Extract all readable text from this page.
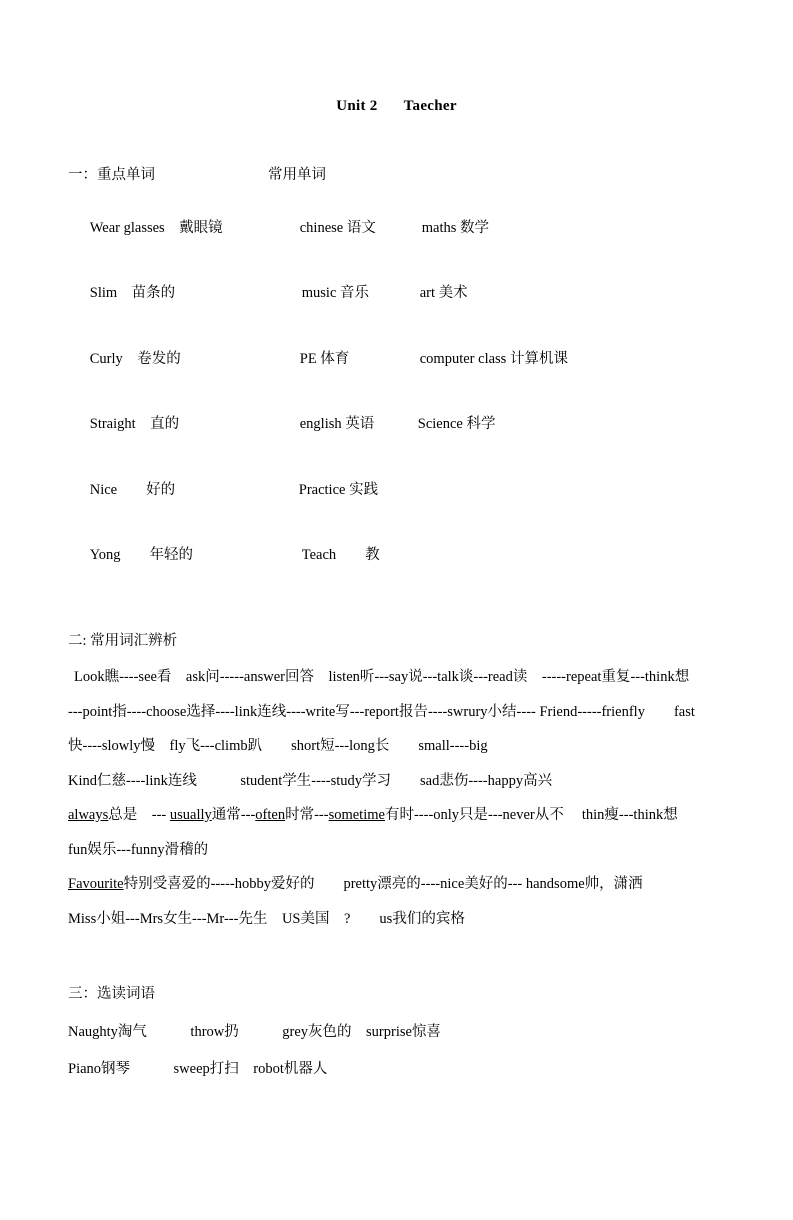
Unit 2 Taecher
一：重点单词	常用单词

Wear glasses　戴眼镜	chinese 语文	maths 数学

Slim　苗条的	music 音乐	art 美术

Curly　卷发的	PE 体育	computer class 计算机课

Straight　直的	english 英语	Science 科学

Nice　　好的	Practice 实践

Yong　　年轻的	Teach　　教

二: 常用词汇辨析
Look瞧----see看　ask问-----answer回答　listen听---say说---talk谈---read读　-----repeat重复---think想
---point指----choose选择----link连线----write写---report报告----swrury小结---- Friend-----frienfly　　fast
快----slowly慢　fly飞---climb趴　　short短---long长　　small----big
Kind仁慈----link连线　　　student学生----study学习　　sad悲伤----happy高兴
always总是　--- usually通常---often时常---sometime有时----only只是---never从不　 thin瘦---think想
fun娱乐---funny滑稽的
Favourite特别受喜爱的-----hobby爱好的　　pretty漂亮的----nice美好的--- handsome帅，潇洒
Miss小姐---Mrs女生---Mr---先生　US美国　?　　us我们的宾格
三：选读词语
Naughty淘气　　　throw扔　　　grey灰色的　surprise惊喜
Piano钢琴　　　sweep打扫　robot机器人
